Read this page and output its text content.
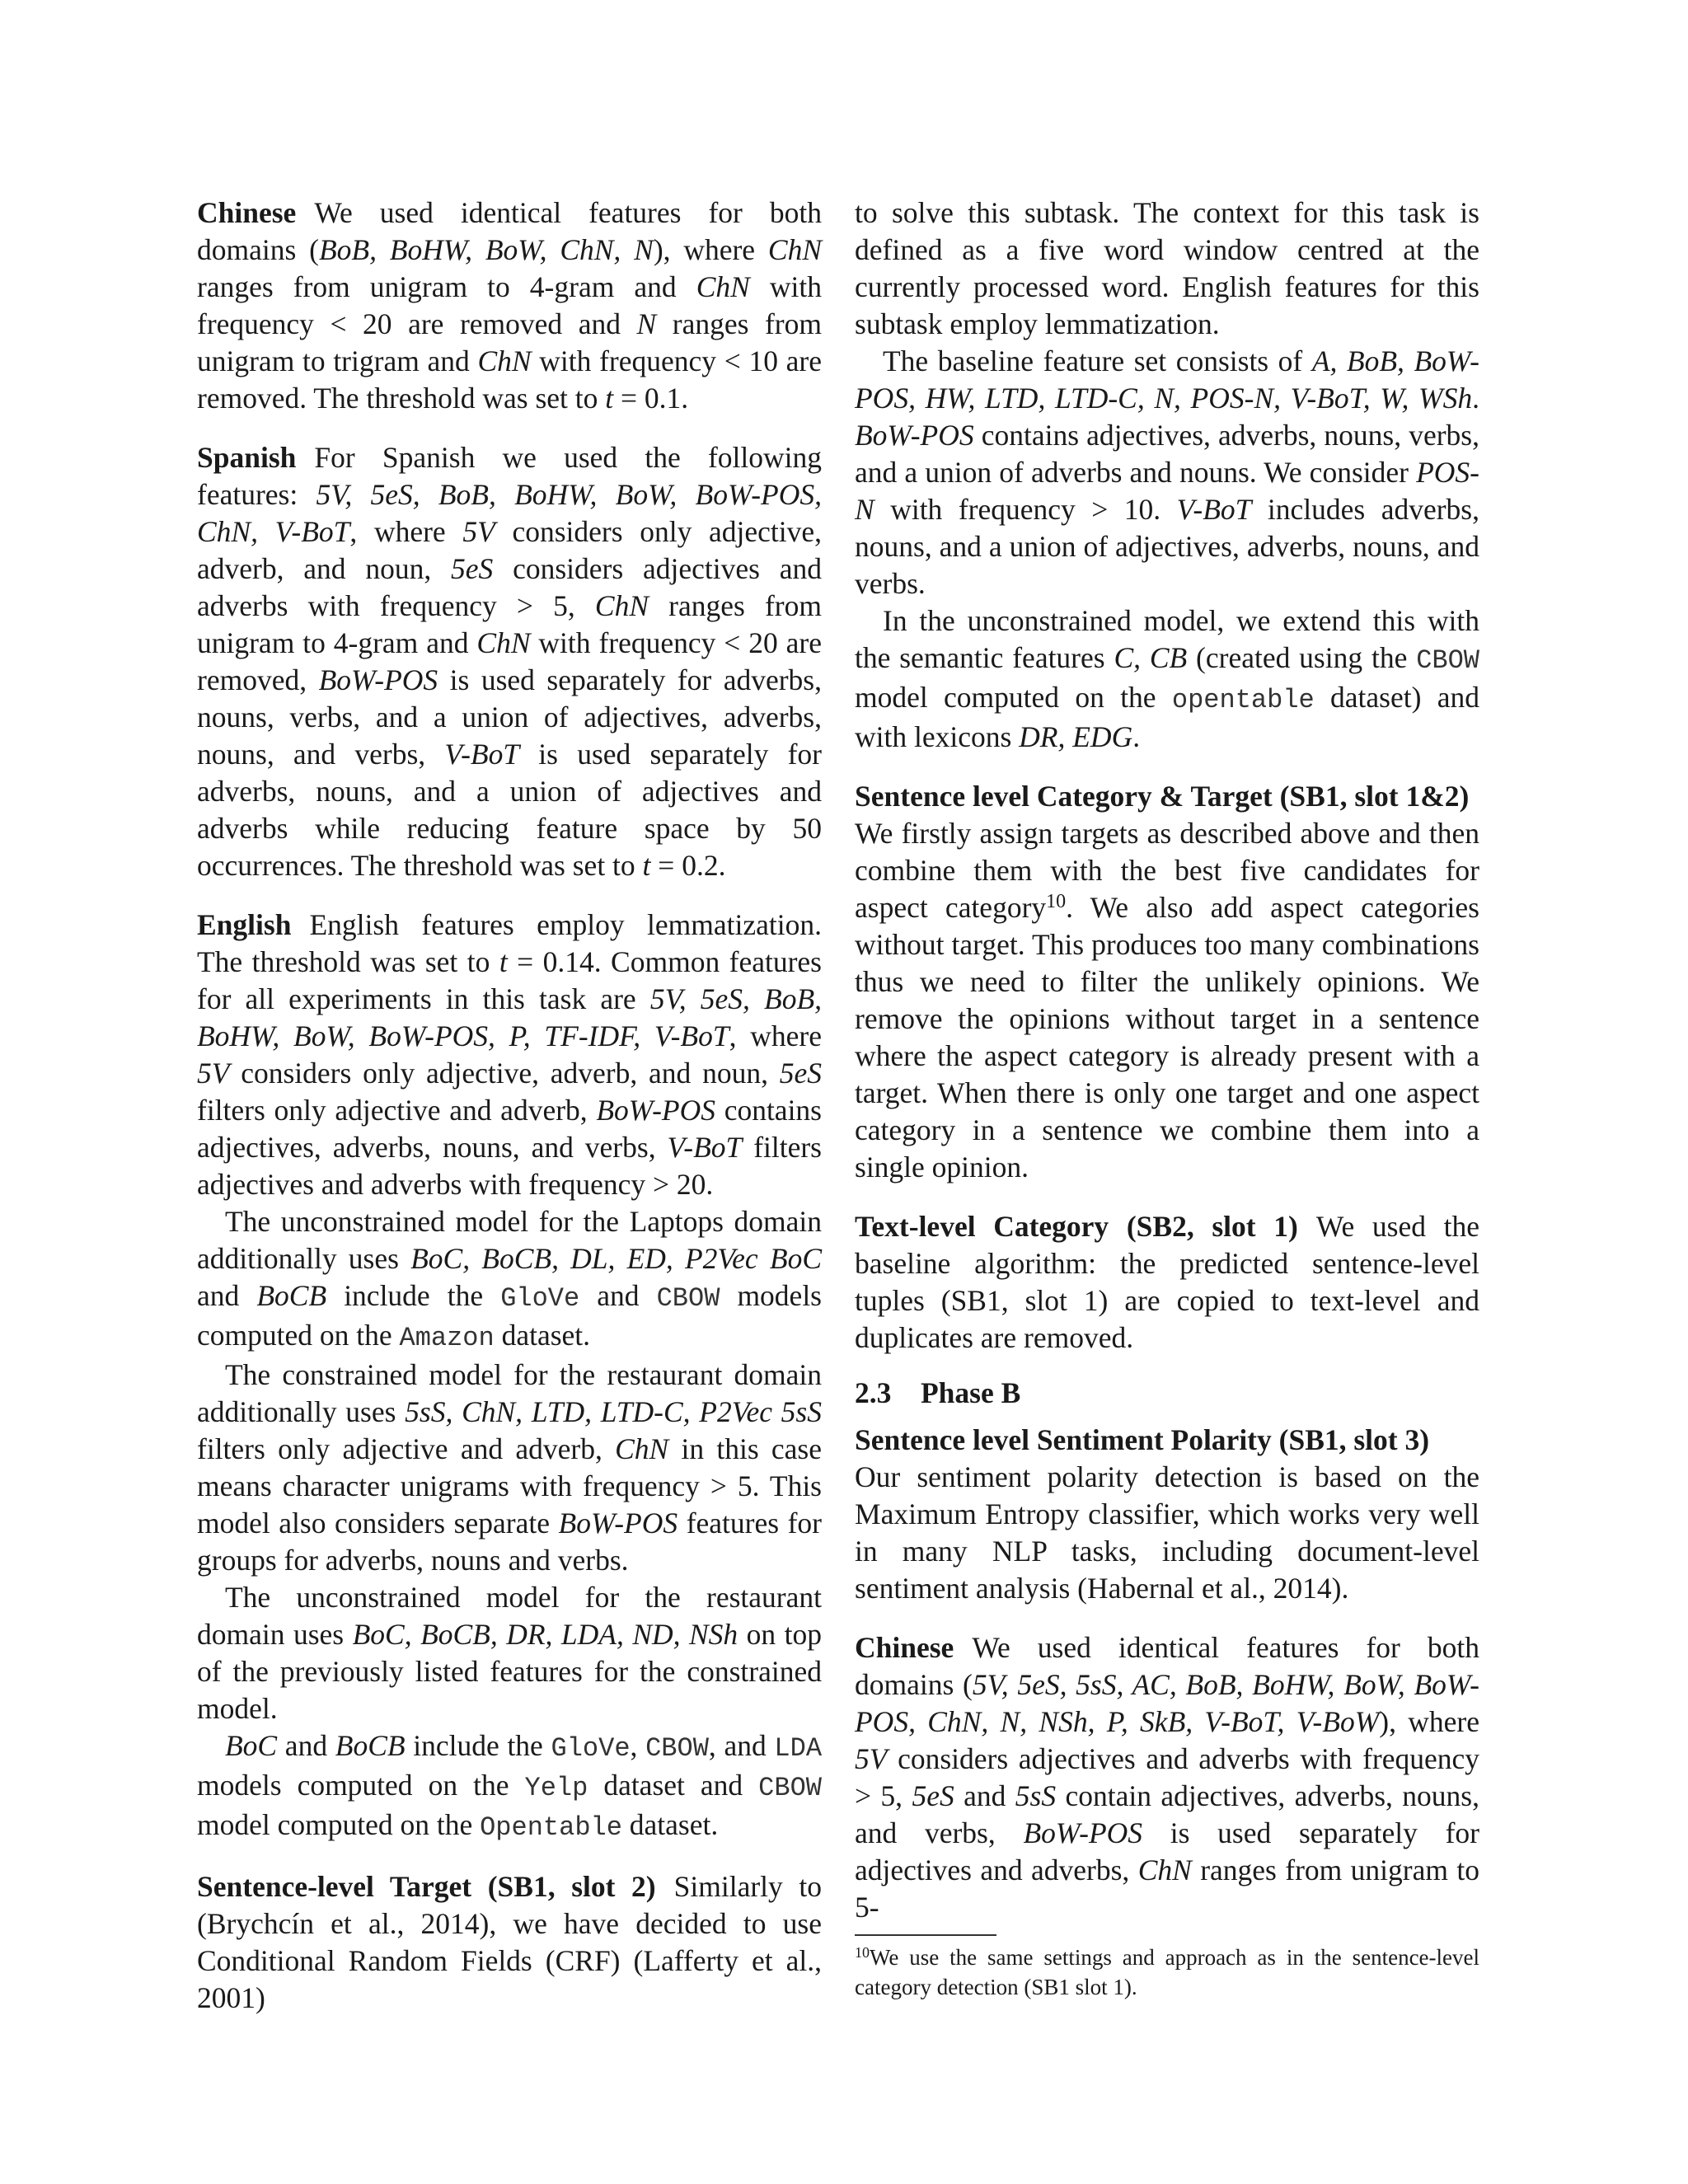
Chinese We used identical features for both domains (BoB, BoHW, BoW, ChN, N), where ChN ranges from unigram to 4-gram and ChN with frequency < 20 are removed and N ranges from unigram to trigram and ChN with frequency < 10 are removed. The threshold was set to t = 0.1.

Spanish For Spanish we used the following features: 5V, 5eS, BoB, BoHW, BoW, BoW-POS, ChN, V-BoT, where 5V considers only adjective, adverb, and noun, 5eS considers adjectives and adverbs with frequency > 5, ChN ranges from unigram to 4-gram and ChN with frequency < 20 are removed, BoW-POS is used separately for adverbs, nouns, verbs, and a union of adjectives, adverbs, nouns, and verbs, V-BoT is used separately for adverbs, nouns, and a union of adjectives and adverbs while reducing feature space by 50 occurrences. The threshold was set to t = 0.2.

English English features employ lemmatization. The threshold was set to t = 0.14. Common features for all experiments in this task are 5V, 5eS, BoB, BoHW, BoW, BoW-POS, P, TF-IDF, V-BoT, where 5V considers only adjective, adverb, and noun, 5eS filters only adjective and adverb, BoW-POS contains adjectives, adverbs, nouns, and verbs, V-BoT filters adjectives and adverbs with frequency > 20.

The unconstrained model for the Laptops domain additionally uses BoC, BoCB, DL, ED, P2Vec BoC and BoCB include the GloVe and CBOW models computed on the Amazon dataset.

The constrained model for the restaurant domain additionally uses 5sS, ChN, LTD, LTD-C, P2Vec 5sS filters only adjective and adverb, ChN in this case means character unigrams with frequency > 5. This model also considers separate BoW-POS features for groups for adverbs, nouns and verbs.

The unconstrained model for the restaurant domain uses BoC, BoCB, DR, LDA, ND, NSh on top of the previously listed features for the constrained model.

BoC and BoCB include the GloVe, CBOW, and LDA models computed on the Yelp dataset and CBOW model computed on the Opentable dataset.

Sentence-level Target (SB1, slot 2) Similarly to (Brychcín et al., 2014), we have decided to use Conditional Random Fields (CRF) (Lafferty et al., 2001)

to solve this subtask. The context for this task is defined as a five word window centred at the currently processed word. English features for this subtask employ lemmatization.

The baseline feature set consists of A, BoB, BoW-POS, HW, LTD, LTD-C, N, POS-N, V-BoT, W, WSh. BoW-POS contains adjectives, adverbs, nouns, verbs, and a union of adverbs and nouns. We consider POS-N with frequency > 10. V-BoT includes adverbs, nouns, and a union of adjectives, adverbs, nouns, and verbs.

In the unconstrained model, we extend this with the semantic features C, CB (created using the CBOW model computed on the opentable dataset) and with lexicons DR, EDG.

Sentence level Category & Target (SB1, slot 1&2)
We firstly assign targets as described above and then combine them with the best five candidates for aspect category$^{10}$. We also add aspect categories without target. This produces too many combinations thus we need to filter the unlikely opinions. We remove the opinions without target in a sentence where the aspect category is already present with a target. When there is only one target and one aspect category in a sentence we combine them into a single opinion.

Text-level Category (SB2, slot 1) We used the baseline algorithm: the predicted sentence-level tuples (SB1, slot 1) are copied to text-level and duplicates are removed.

2.3 Phase B

Sentence level Sentiment Polarity (SB1, slot 3)
Our sentiment polarity detection is based on the Maximum Entropy classifier, which works very well in many NLP tasks, including document-level sentiment analysis (Habernal et al., 2014).

Chinese We used identical features for both domains (5V, 5eS, 5sS, AC, BoB, BoHW, BoW, BoW-POS, ChN, N, NSh, P, SkB, V-BoT, V-BoW), where 5V considers adjectives and adverbs with frequency > 5, 5eS and 5sS contain adjectives, adverbs, nouns, and verbs, BoW-POS is used separately for adjectives and adverbs, ChN ranges from unigram to 5-

$^{10}$We use the same settings and approach as in the sentence-level category detection (SB1 slot 1).
